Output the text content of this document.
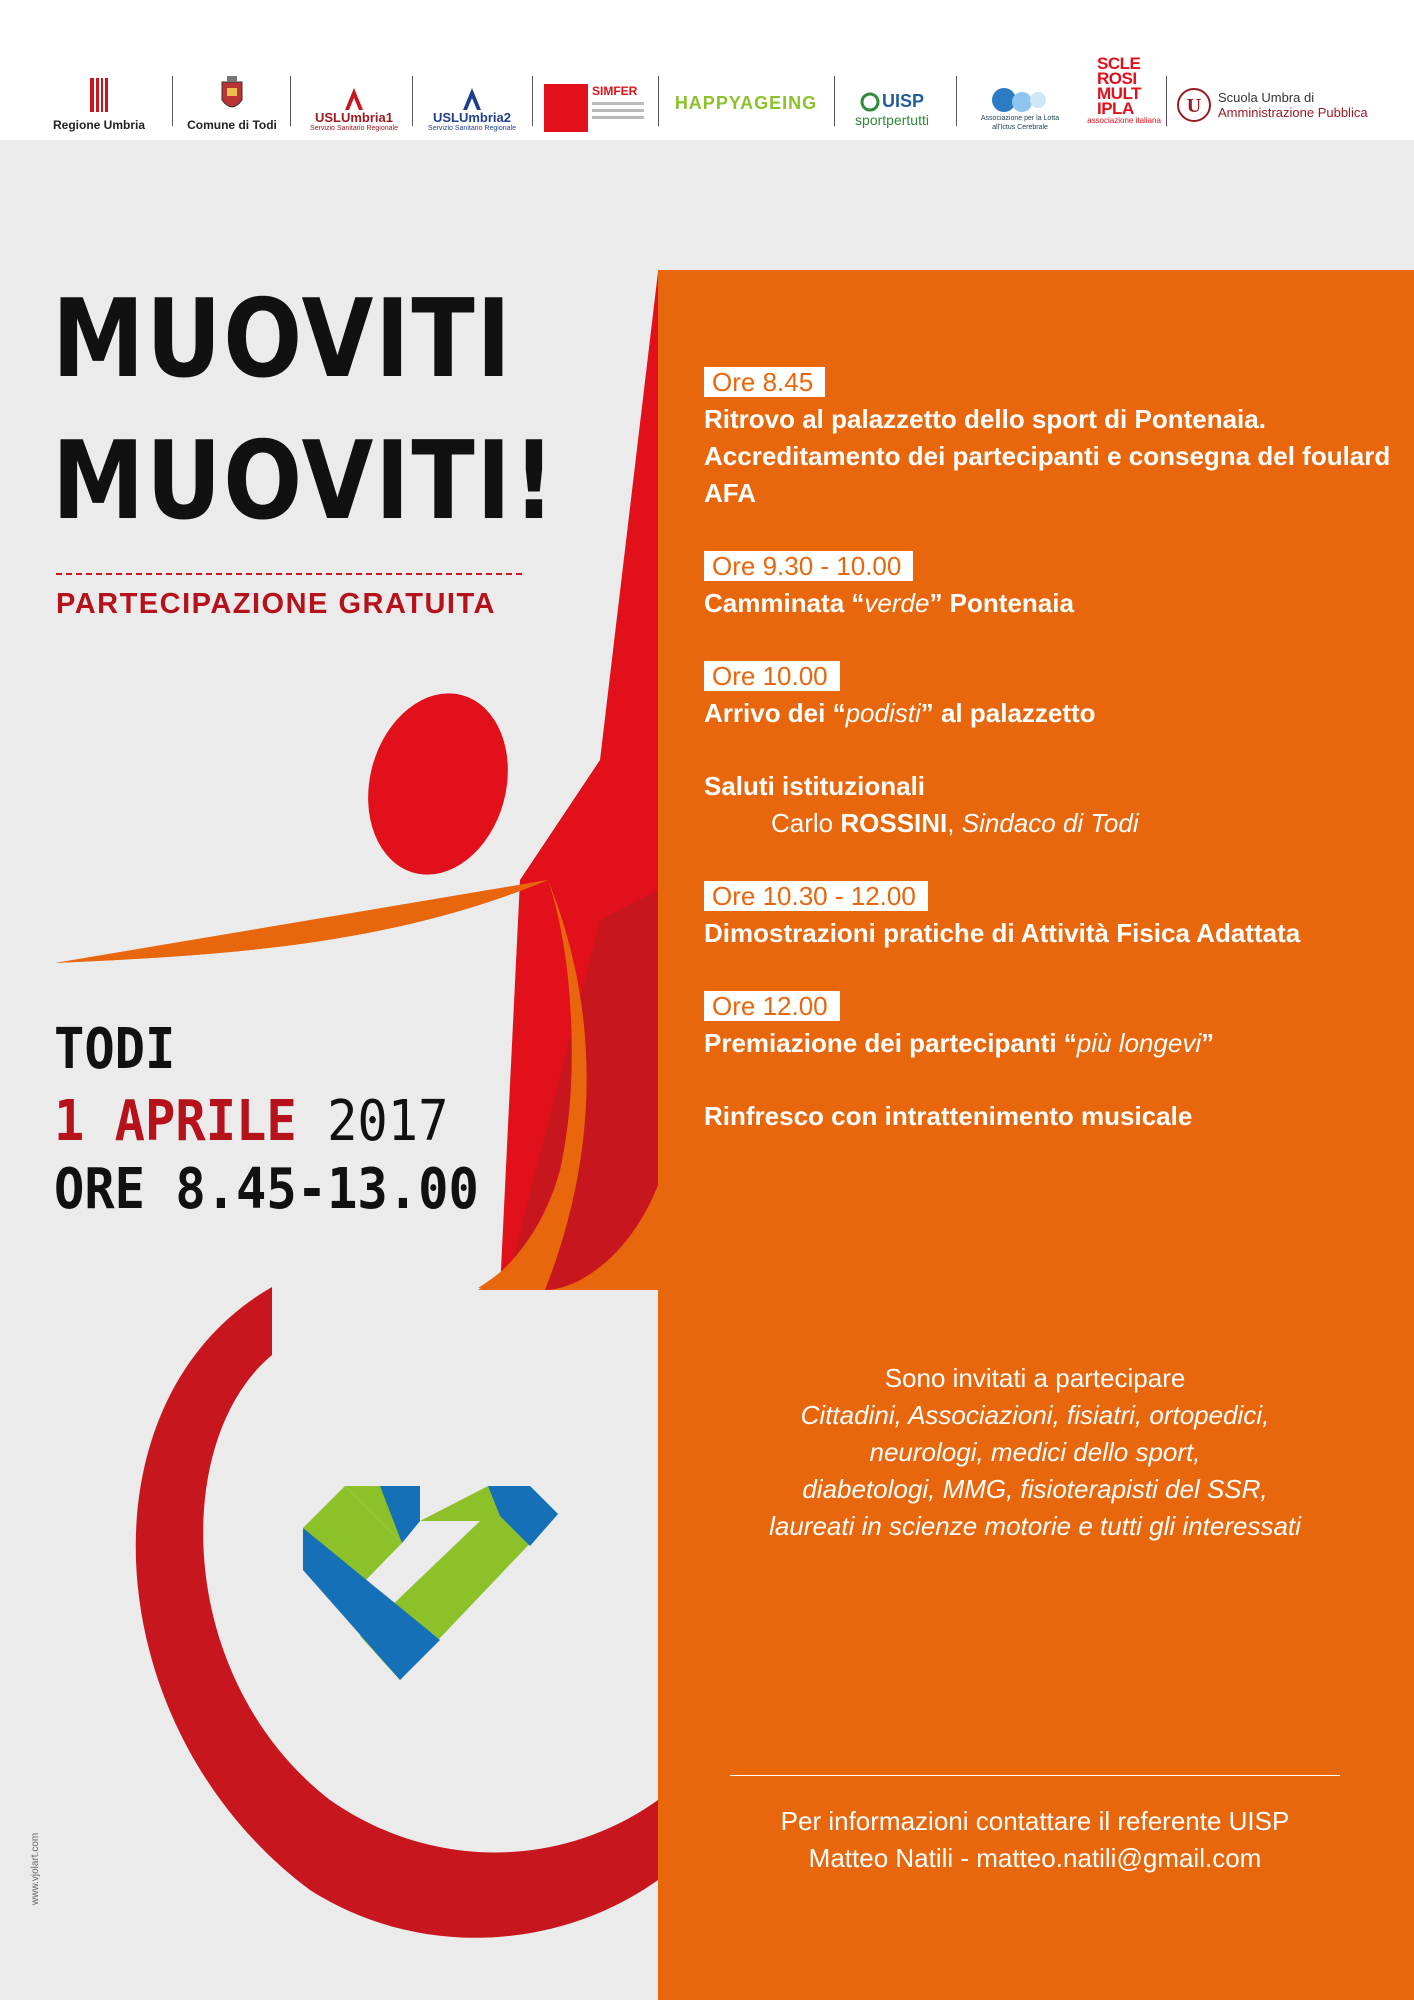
Regione Umbria	Comune di Todi	USLUmbria1
Servizio Sanitario Regionale
USLUmbria2
Servizio Sanitario Regionale
SIMFER
HAPPYAGEING	UISP
sportpertutti	Associazione per la Lotta all'Ictus Cerebrale
SCLE ROSI MULT IPLA
associazione italiana
U Scuola Umbra di
Amministrazione Pubblica
MUOVITI
MUOVITI!
PARTECIPAZIONE GRATUITA
TODI
1 APRILE 2017
ORE 8.45-13.00
Ore 8.45
Ritrovo al palazzetto dello sport di Pontenaia. Accreditamento dei partecipanti e consegna del foulard AFA
Ore 9.30 - 10.00
Camminata “verde” Pontenaia
Ore 10.00
Arrivo dei “podisti” al palazzetto
Saluti istituzionali
Carlo ROSSINI, Sindaco di Todi
Ore 10.30 - 12.00
Dimostrazioni pratiche di Attività Fisica Adattata
Ore 12.00
Premiazione dei partecipanti “più longevi”
Rinfresco con intrattenimento musicale
Sono invitati a partecipare
Cittadini, Associazioni, fisiatri, ortopedici,
neurologi, medici dello sport,
diabetologi, MMG, fisioterapisti del SSR,
laureati in scienze motorie e tutti gli interessati
Per informazioni contattare il referente UISP
Matteo Natili - matteo.natili@gmail.com
www.vjolart.com
